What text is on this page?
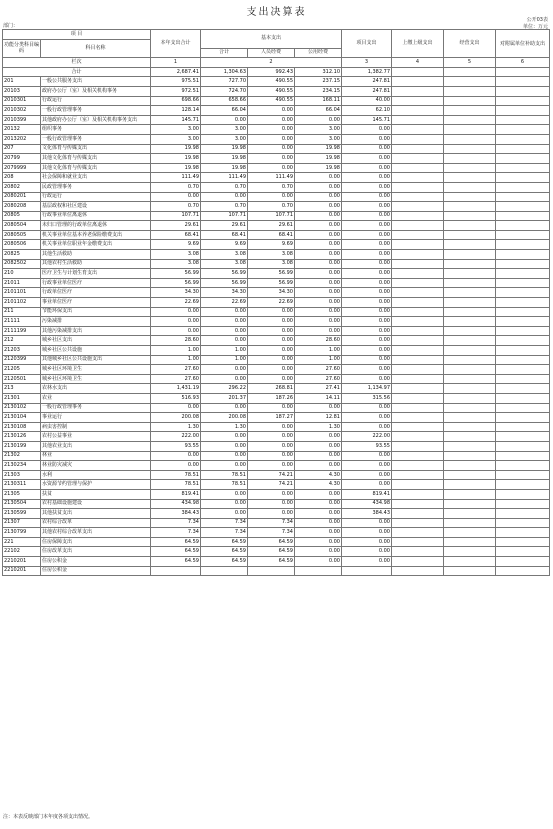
支出决算表
公开03表
单位：万元
部门：
项 目		本年支出合计	基本支出			项目支出	上缴上级支出	经营支出	对附属单位补助支出
功能分类科目编码	科目名称								
			合计	人员经费	公用经费				
栏次		1	2			3	4	5	6
合计		2,687.41	1,304.63	992.43	312.10	1,382.77			
201	一般公共服务支出	975.51	727.70	490.55	237.15	247.81			
20103	政府办公厅（室）及相关机构事务	972.51	724.70	490.55	234.15	247.81			
2010301	行政运行	698.66	658.66	490.55	168.11	40.00			
2010302	一般行政管理事务	128.14	66.04	0.00	66.04	62.10			
2010399	其他政府办公厅（室）及相关机构事务支出	145.71	0.00	0.00	0.00	145.71			
20132	组织事务	3.00	3.00	0.00	3.00	0.00			
2013202	一般行政管理事务	3.00	3.00	0.00	3.00	0.00			
207	文化体育与传媒支出	19.98	19.98	0.00	19.98	0.00			
20799	其他文化体育与传媒支出	19.98	19.98	0.00	19.98	0.00			
2079999	其他文化体育与传媒支出	19.98	19.98	0.00	19.98	0.00			
208	社会保障和就业支出	111.49	111.49	111.49	0.00	0.00			
20802	民政管理事务	0.70	0.70	0.70	0.00	0.00			
2080201	行政运行	0.00	0.00	0.00	0.00	0.00			
2080208	基层政权和社区建设	0.70	0.70	0.70	0.00	0.00			
20805	行政事业单位离退休	107.71	107.71	107.71	0.00	0.00			
2080504	未归口管理的行政单位离退休	29.61	29.61	29.61	0.00	0.00			
2080505	机关事业单位基本养老保险缴费支出	68.41	68.41	68.41	0.00	0.00			
2080506	机关事业单位职业年金缴费支出	9.69	9.69	9.69	0.00	0.00			
20825	其他生活救助	3.08	3.08	3.08	0.00	0.00			
2082502	其他农村生活救助	3.08	3.08	3.08	0.00	0.00			
210	医疗卫生与计划生育支出	56.99	56.99	56.99	0.00	0.00			
21011	行政事业单位医疗	56.99	56.99	56.99	0.00	0.00			
2101101	行政单位医疗	34.30	34.30	34.30	0.00	0.00			
2101102	事业单位医疗	22.69	22.69	22.69	0.00	0.00			
211	节能环保支出	0.00	0.00	0.00	0.00	0.00			
21111	污染减排	0.00	0.00	0.00	0.00	0.00			
2111199	其他污染减排支出	0.00	0.00	0.00	0.00	0.00			
212	城乡社区支出	28.60	0.00	0.00	28.60	0.00			
21203	城乡社区公共设施	1.00	1.00	0.00	1.00	0.00			
2120399	其他城乡社区公共设施支出	1.00	1.00	0.00	1.00	0.00			
21205	城乡社区环境卫生	27.60	0.00	0.00	27.60	0.00			
2120501	城乡社区环境卫生	27.60	0.00	0.00	27.60	0.00			
213	农林水支出	1,431.19	296.22	268.81	27.41	1,134.97			
21301	农业	516.93	201.37	187.26	14.11	315.56			
2130102	一般行政管理事务	0.00	0.00	0.00	0.00	0.00			
2130104	事业运行	200.08	200.08	187.27	12.81	0.00			
2130108	病虫害控制	1.30	1.30	0.00	1.30	0.00			
2130126	农村公益事业	222.00	0.00	0.00	0.00	222.00			
2130199	其他农业支出	93.55	0.00	0.00	0.00	93.55			
21302	林业	0.00	0.00	0.00	0.00	0.00			
2130234	林业防灾减灾	0.00	0.00	0.00	0.00	0.00			
21303	水利	78.51	78.51	74.21	4.30	0.00			
2130311	水资源节约管理与保护	78.51	78.51	74.21	4.30	0.00			
21305	扶贫	819.41	0.00	0.00	0.00	819.41			
2130504	农村基础设施建设	434.98	0.00	0.00	0.00	434.98			
2130599	其他扶贫支出	384.43	0.00	0.00	0.00	384.43			
21307	农村综合改革	7.34	7.34	7.34	0.00	0.00			
2130799	其他农村综合改革支出	7.34	7.34	7.34	0.00	0.00			
221	住房保障支出	64.59	64.59	64.59	0.00	0.00			
22102	住房改革支出	64.59	64.59	64.59	0.00	0.00			
2210201	住房公积金	64.59	64.59	64.59	0.00	0.00			
2210201	住房公积金								
注：本表反映部门本年度各项支出情况。
